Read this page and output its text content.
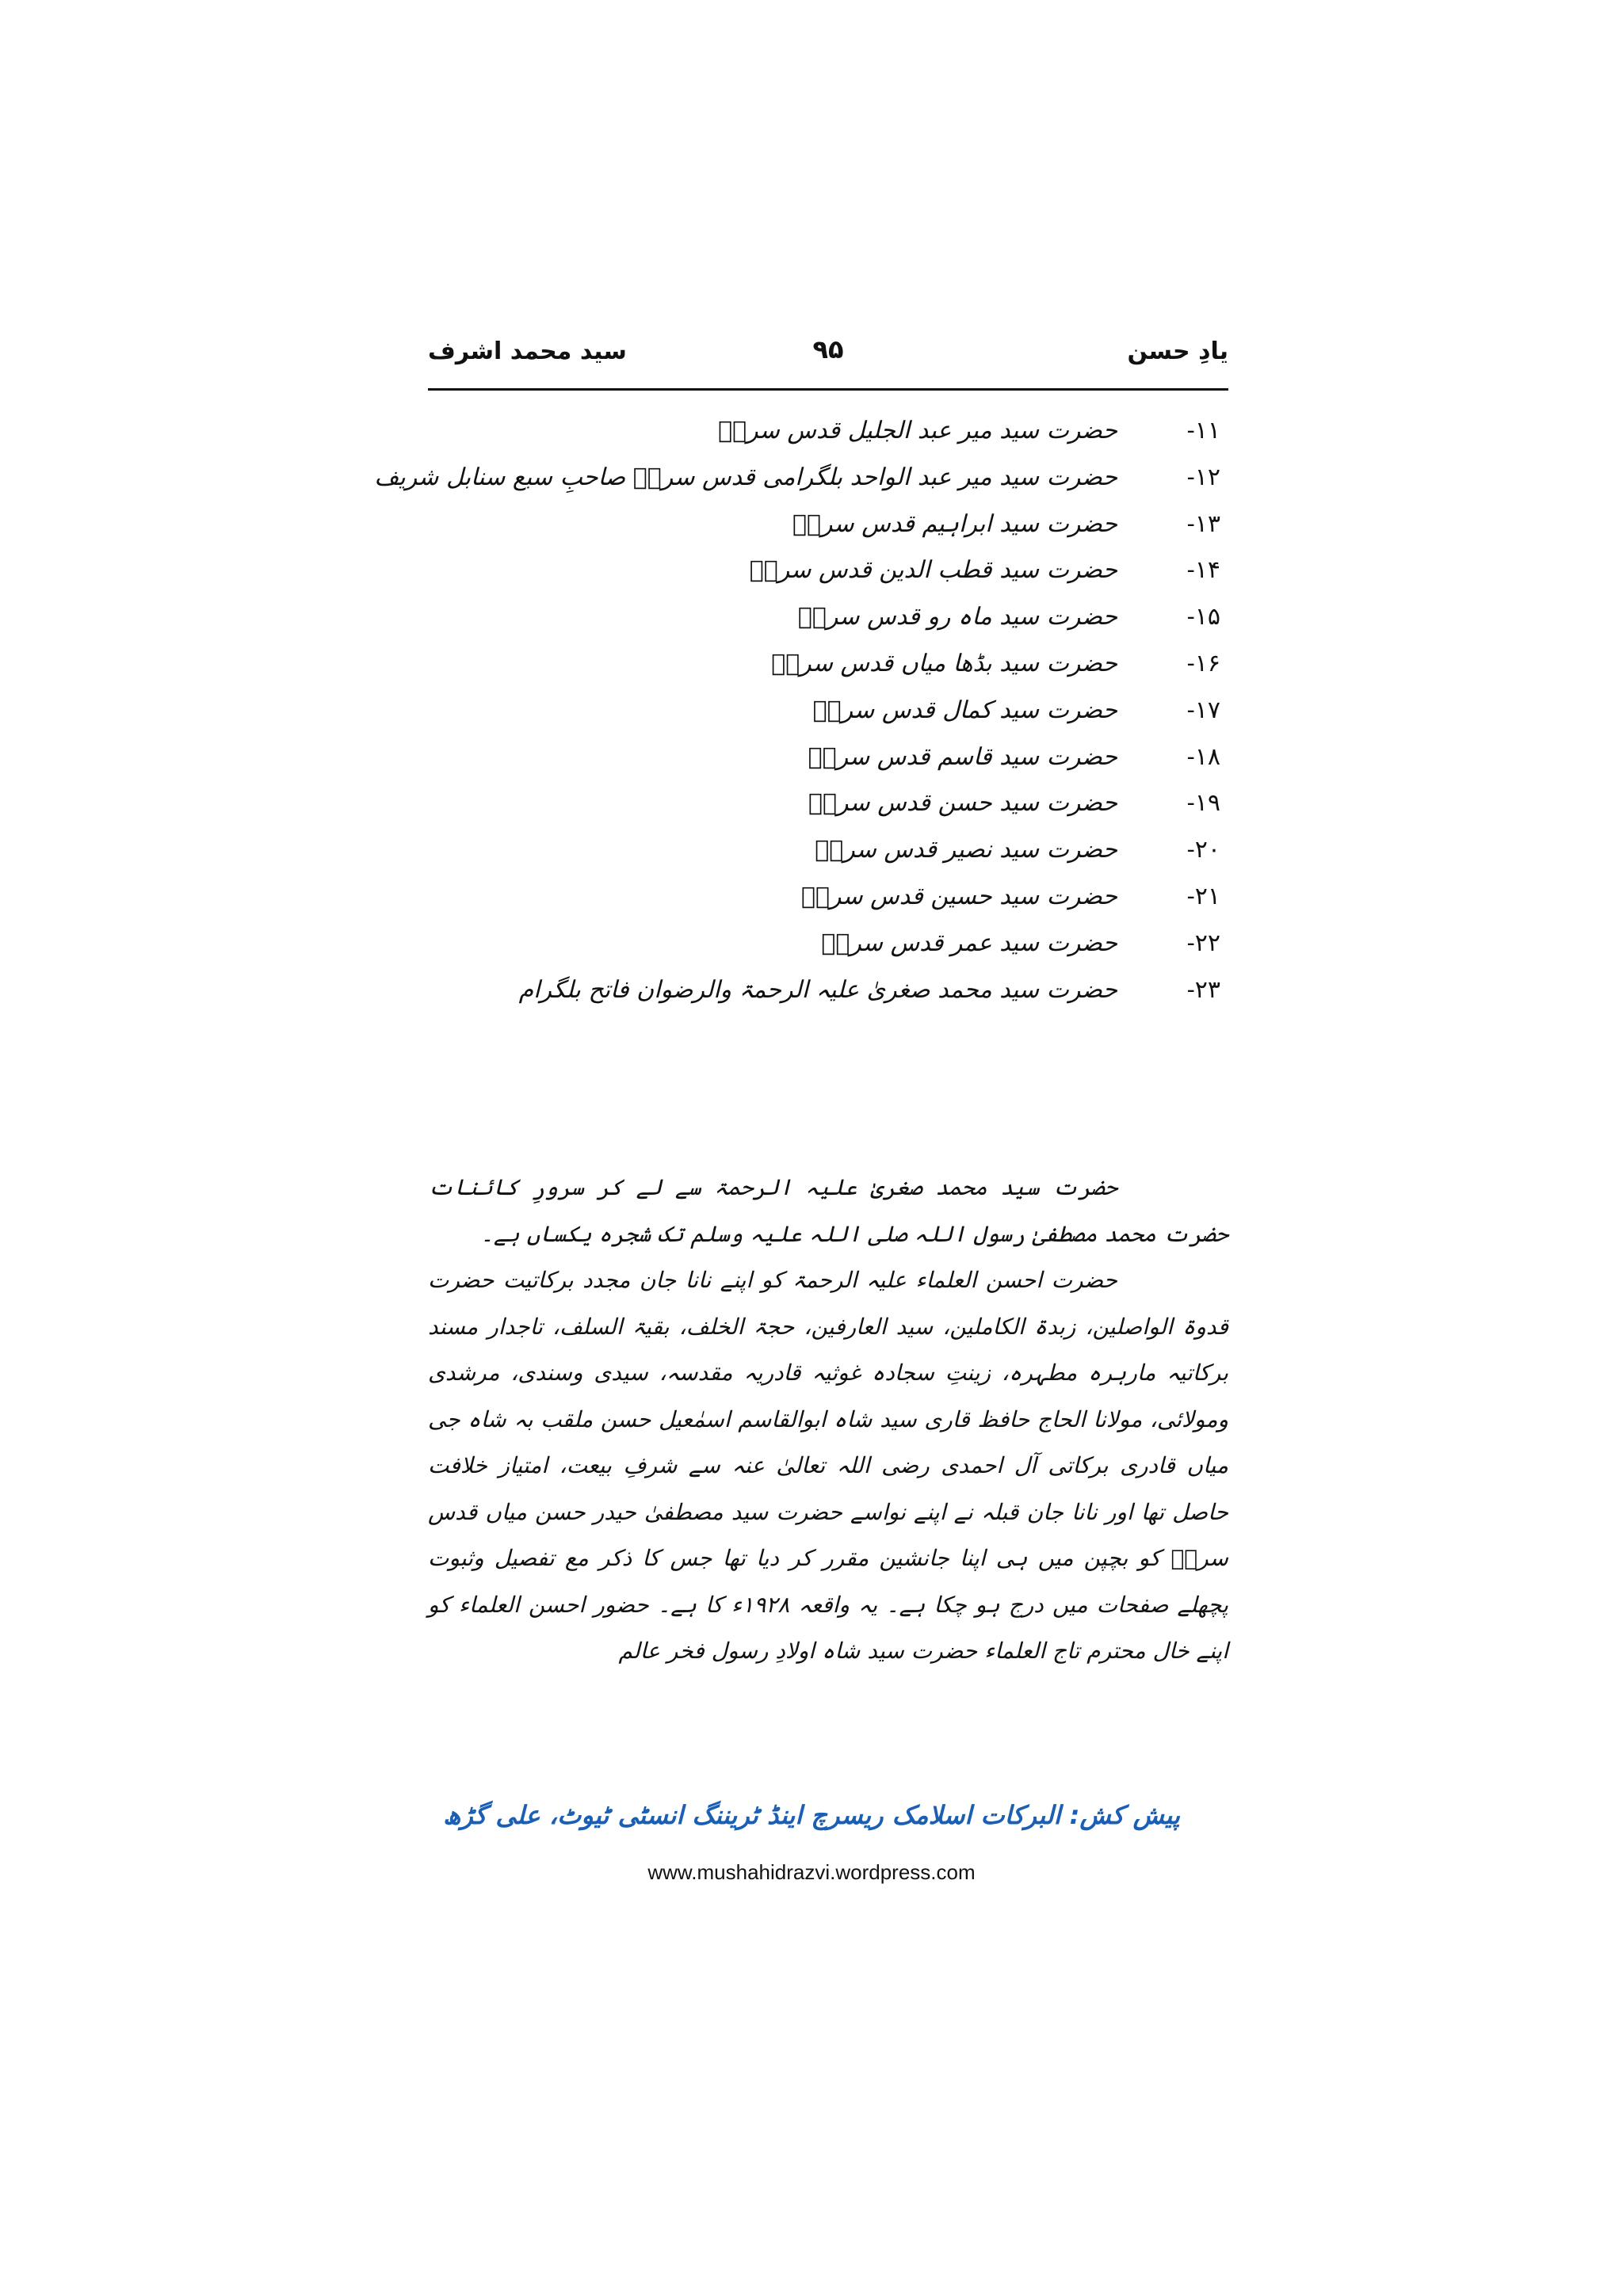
یادِ حسن
۹۵
سید محمد اشرف
۱۱-
حضرت سید میر عبد الجلیل قدس سرہٗ
۱۲-
حضرت سید میر عبد الواحد بلگرامی قدس سرہٗ صاحبِ سبع سنابل شریف
۱۳-
حضرت سید ابراہیم قدس سرہٗ
۱۴-
حضرت سید قطب الدین قدس سرہٗ
۱۵-
حضرت سید ماہ رو قدس سرہٗ
۱۶-
حضرت سید بڈھا میاں قدس سرہٗ
۱۷-
حضرت سید کمال قدس سرہٗ
۱۸-
حضرت سید قاسم قدس سرہٗ
۱۹-
حضرت سید حسن قدس سرہٗ
۲۰-
حضرت سید نصیر قدس سرہٗ
۲۱-
حضرت سید حسین قدس سرہٗ
۲۲-
حضرت سید عمر قدس سرہٗ
۲۳-
حضرت سید محمد صغریٰ علیہ الرحمۃ والرضوان فاتح بلگرام

حضرت سید محمد صغریٰ علیہ الرحمۃ سے لے کر سرورِ کائنات حضرت محمد مصطفیٰ رسول اللہ صلی اللہ علیہ وسلم تک شجرہ یکساں ہے۔

حضرت احسن العلماء علیہ الرحمۃ کو اپنے نانا جان مجدد برکاتیت حضرت قدوۃ الواصلین، زبدۃ الکاملین، سید العارفین، حجۃ الخلف، بقیۃ السلف، تاجدار مسند برکاتیہ مارہرہ مطہرہ، زینتِ سجادہ غوثیہ قادریہ مقدسہ، سیدی وسندی، مرشدی ومولائی، مولانا الحاج حافظ قاری سید شاہ ابوالقاسم اسمٰعیل حسن ملقب بہ شاہ جی میاں قادری برکاتی آل احمدی رضی اللہ تعالیٰ عنہ سے شرفِ بیعت، امتیاز خلافت حاصل تھا اور نانا جان قبلہ نے اپنے نواسے حضرت سید مصطفیٰ حیدر حسن میاں قدس سرہٗ کو بچپن میں ہی اپنا جانشین مقرر کر دیا تھا جس کا ذکر مع تفصیل وثبوت پچھلے صفحات میں درج ہو چکا ہے۔ یہ واقعہ ۱۹۲۸ء کا ہے۔ حضور احسن العلماء کو اپنے خال محترم تاج العلماء حضرت سید شاہ اولادِ رسول فخر عالم

پیش کش: البرکات اسلامک ریسرچ اینڈ ٹریننگ انسٹی ٹیوٹ، علی گڑھ
www.mushahidrazvi.wordpress.com
